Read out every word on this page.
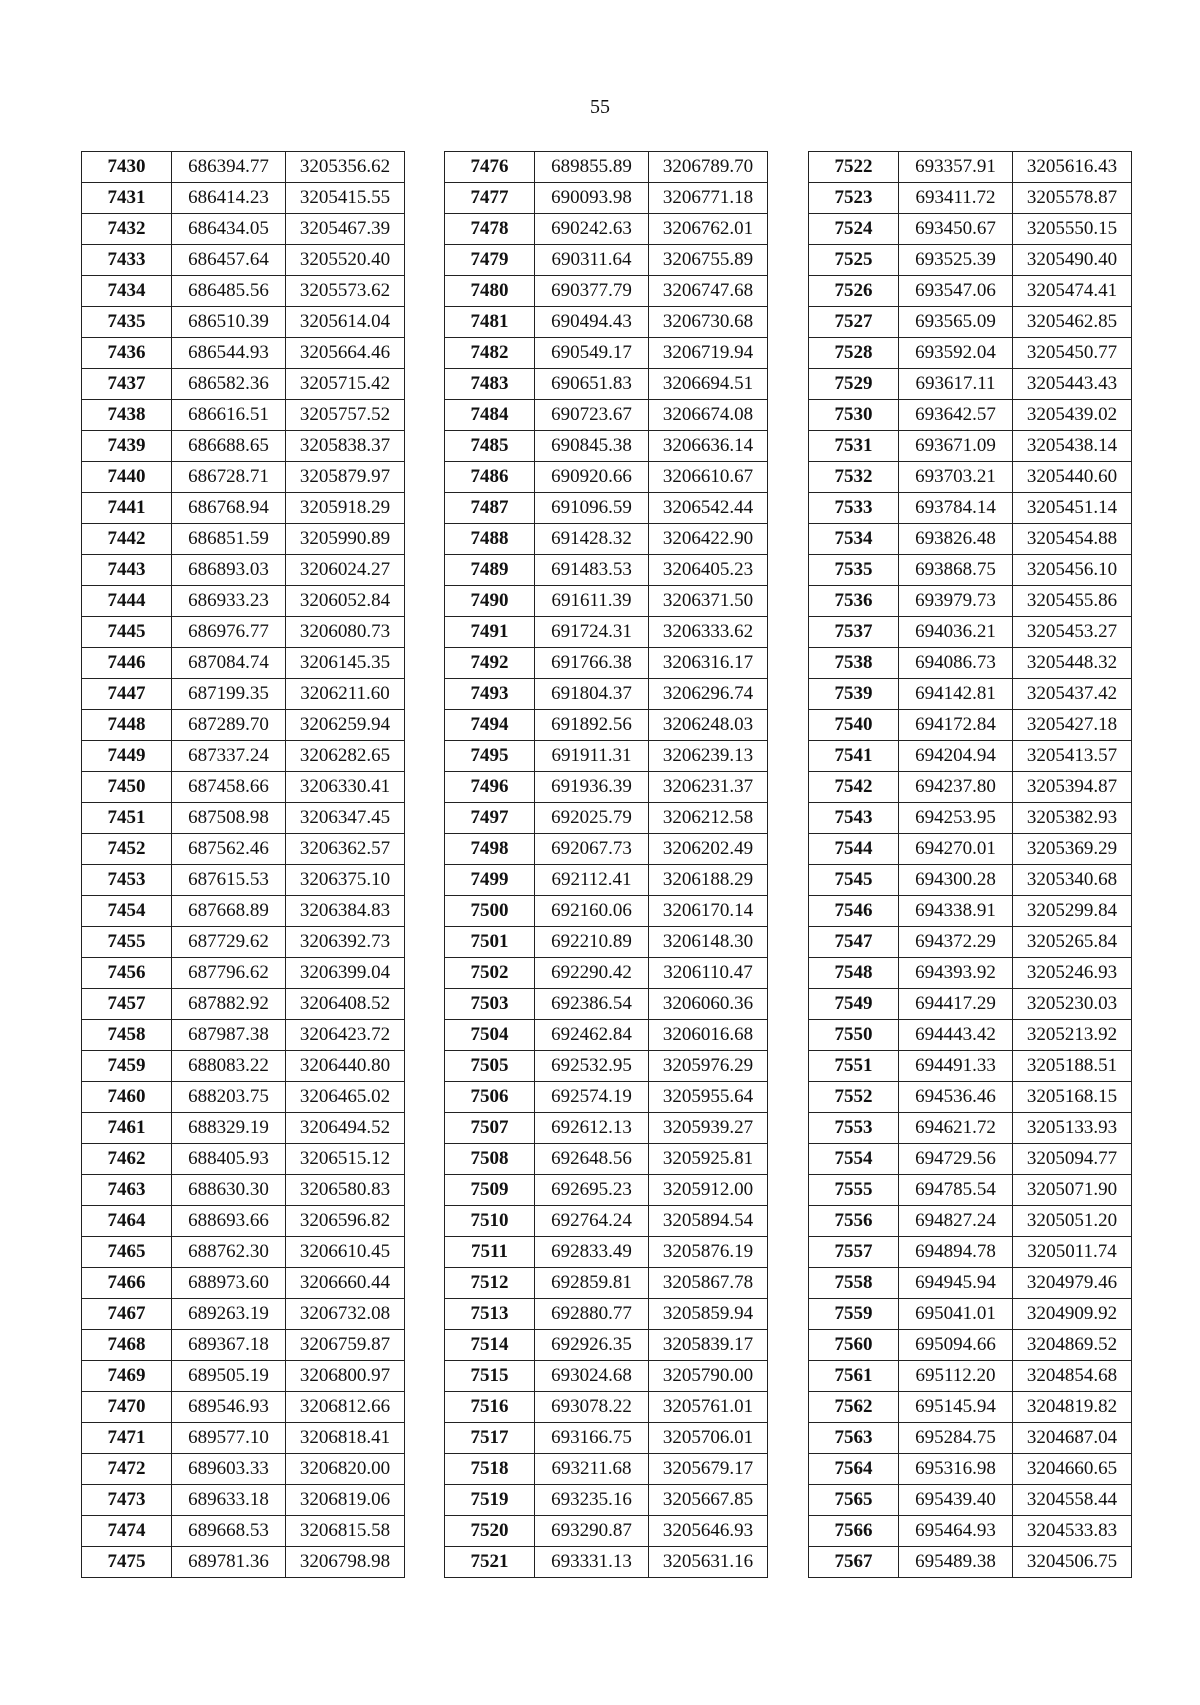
55
7430	686394.77	3205356.62
7431	686414.23	3205415.55
7432	686434.05	3205467.39
7433	686457.64	3205520.40
7434	686485.56	3205573.62
7435	686510.39	3205614.04
7436	686544.93	3205664.46
7437	686582.36	3205715.42
7438	686616.51	3205757.52
7439	686688.65	3205838.37
7440	686728.71	3205879.97
7441	686768.94	3205918.29
7442	686851.59	3205990.89
7443	686893.03	3206024.27
7444	686933.23	3206052.84
7445	686976.77	3206080.73
7446	687084.74	3206145.35
7447	687199.35	3206211.60
7448	687289.70	3206259.94
7449	687337.24	3206282.65
7450	687458.66	3206330.41
7451	687508.98	3206347.45
7452	687562.46	3206362.57
7453	687615.53	3206375.10
7454	687668.89	3206384.83
7455	687729.62	3206392.73
7456	687796.62	3206399.04
7457	687882.92	3206408.52
7458	687987.38	3206423.72
7459	688083.22	3206440.80
7460	688203.75	3206465.02
7461	688329.19	3206494.52
7462	688405.93	3206515.12
7463	688630.30	3206580.83
7464	688693.66	3206596.82
7465	688762.30	3206610.45
7466	688973.60	3206660.44
7467	689263.19	3206732.08
7468	689367.18	3206759.87
7469	689505.19	3206800.97
7470	689546.93	3206812.66
7471	689577.10	3206818.41
7472	689603.33	3206820.00
7473	689633.18	3206819.06
7474	689668.53	3206815.58
7475	689781.36	3206798.98
7476	689855.89	3206789.70
7477	690093.98	3206771.18
7478	690242.63	3206762.01
7479	690311.64	3206755.89
7480	690377.79	3206747.68
7481	690494.43	3206730.68
7482	690549.17	3206719.94
7483	690651.83	3206694.51
7484	690723.67	3206674.08
7485	690845.38	3206636.14
7486	690920.66	3206610.67
7487	691096.59	3206542.44
7488	691428.32	3206422.90
7489	691483.53	3206405.23
7490	691611.39	3206371.50
7491	691724.31	3206333.62
7492	691766.38	3206316.17
7493	691804.37	3206296.74
7494	691892.56	3206248.03
7495	691911.31	3206239.13
7496	691936.39	3206231.37
7497	692025.79	3206212.58
7498	692067.73	3206202.49
7499	692112.41	3206188.29
7500	692160.06	3206170.14
7501	692210.89	3206148.30
7502	692290.42	3206110.47
7503	692386.54	3206060.36
7504	692462.84	3206016.68
7505	692532.95	3205976.29
7506	692574.19	3205955.64
7507	692612.13	3205939.27
7508	692648.56	3205925.81
7509	692695.23	3205912.00
7510	692764.24	3205894.54
7511	692833.49	3205876.19
7512	692859.81	3205867.78
7513	692880.77	3205859.94
7514	692926.35	3205839.17
7515	693024.68	3205790.00
7516	693078.22	3205761.01
7517	693166.75	3205706.01
7518	693211.68	3205679.17
7519	693235.16	3205667.85
7520	693290.87	3205646.93
7521	693331.13	3205631.16
7522	693357.91	3205616.43
7523	693411.72	3205578.87
7524	693450.67	3205550.15
7525	693525.39	3205490.40
7526	693547.06	3205474.41
7527	693565.09	3205462.85
7528	693592.04	3205450.77
7529	693617.11	3205443.43
7530	693642.57	3205439.02
7531	693671.09	3205438.14
7532	693703.21	3205440.60
7533	693784.14	3205451.14
7534	693826.48	3205454.88
7535	693868.75	3205456.10
7536	693979.73	3205455.86
7537	694036.21	3205453.27
7538	694086.73	3205448.32
7539	694142.81	3205437.42
7540	694172.84	3205427.18
7541	694204.94	3205413.57
7542	694237.80	3205394.87
7543	694253.95	3205382.93
7544	694270.01	3205369.29
7545	694300.28	3205340.68
7546	694338.91	3205299.84
7547	694372.29	3205265.84
7548	694393.92	3205246.93
7549	694417.29	3205230.03
7550	694443.42	3205213.92
7551	694491.33	3205188.51
7552	694536.46	3205168.15
7553	694621.72	3205133.93
7554	694729.56	3205094.77
7555	694785.54	3205071.90
7556	694827.24	3205051.20
7557	694894.78	3205011.74
7558	694945.94	3204979.46
7559	695041.01	3204909.92
7560	695094.66	3204869.52
7561	695112.20	3204854.68
7562	695145.94	3204819.82
7563	695284.75	3204687.04
7564	695316.98	3204660.65
7565	695439.40	3204558.44
7566	695464.93	3204533.83
7567	695489.38	3204506.75
